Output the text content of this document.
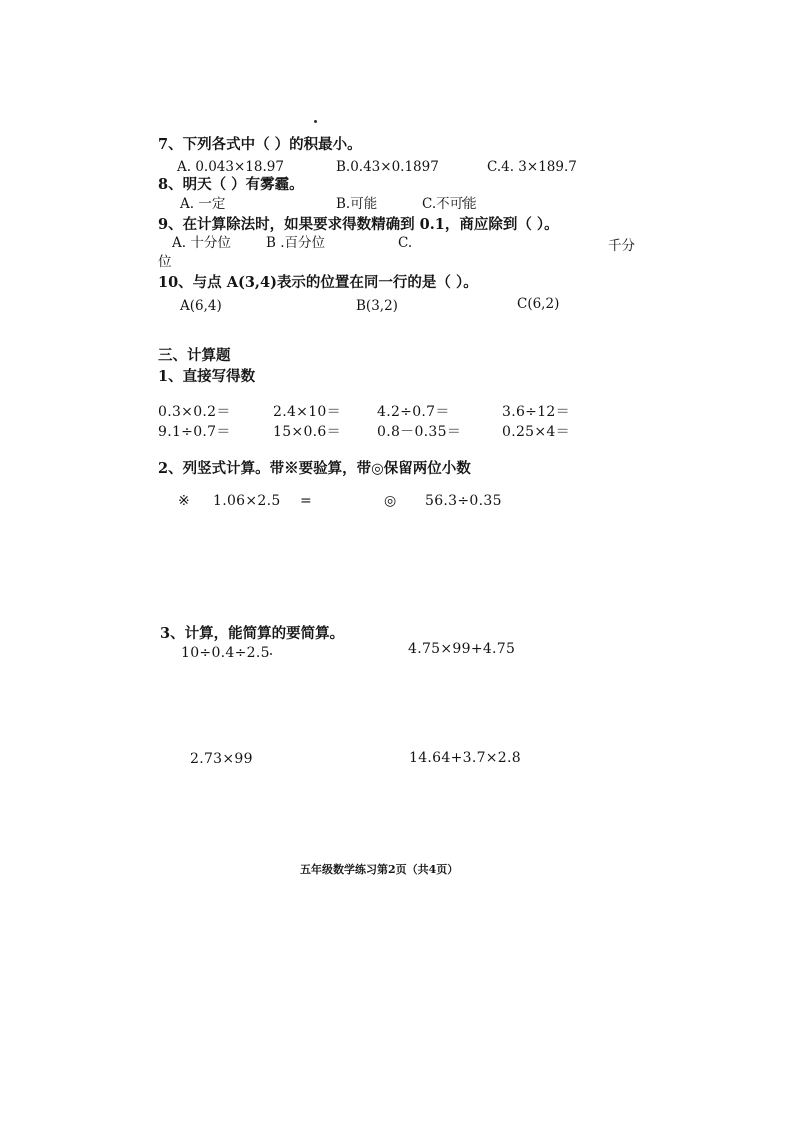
7、下列各式中（ ）的积最小。
A. 0.043×18.97	B.0.43×0.1897	C.4. 3×189.7
8、明天（ ）有雾霾。
A. 一定	B.可能	C.不可能
9、在计算除法时，如果要求得数精确到 0.1，商应除到（ ）。
A. 十分位	B .百分位	C.	千分
位
10、与点 A(3,4)表示的位置在同一行的是（ ）。
A(6,4)	B(3,2)	C(6,2)
三、计算题
1、直接写得数
0.3×0.2＝	2.4×10＝	4.2÷0.7＝	3.6÷12＝
9.1÷0.7＝	15×0.6＝	0.8－0.35＝	0.25×4＝
2、列竖式计算。带※要验算，带◎保留两位小数
※ 1.06×2.5 =	◎ 56.3÷0.35
3、计算，能简算的要简算。
10÷0.4÷2.5	4.75×99+4.75
2.73×99	14.64+3.7×2.8
五年级数学练习第2页（共4页）
